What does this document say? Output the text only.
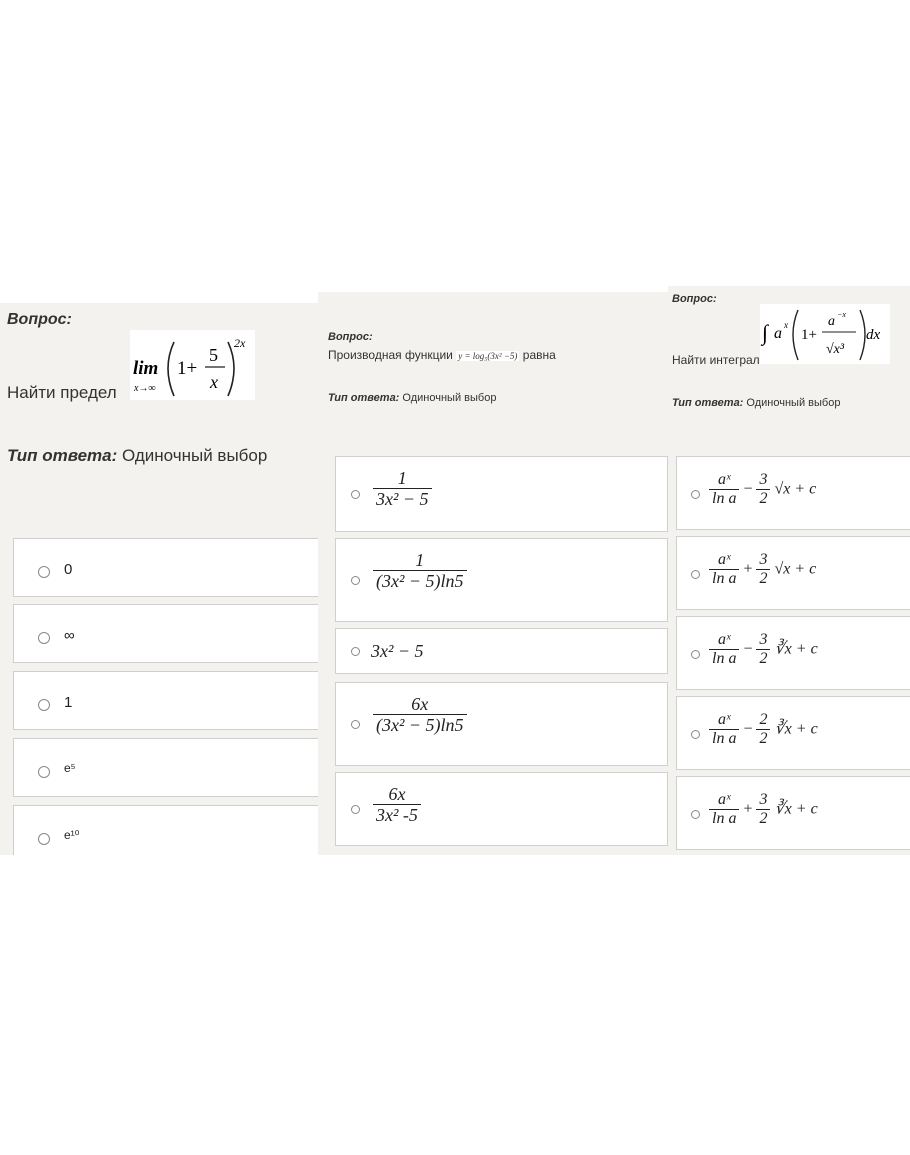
Вопрос:
Найти предел
lim
x→∞
1+
5
x
2x
Тип ответа: Одиночный выбор
0
∞
1
e⁵
e¹⁰
Вопрос:
Производная функции y = log₅(3x² −5) равна
Тип ответа: Одиночный выбор
$\frac{1}{\text{3x² − 5}}$
$\frac{1}{\text{(3x² − 5)ln5}}$
3x² − 5
$\frac{6x}{\text{(3x² − 5)ln5}}$
$\frac{6x}{\text{3x² -5}}$
Вопрос:
∫ a x
1+
a −x
√x³
dx
Найти интеграл
Тип ответа: Одиночный выбор
$\frac{\text{aˣ}}{\text{ln a}} - \frac{3}{2} √x + c$
$\frac{\text{aˣ}}{\text{ln a}} + \frac{3}{2} √x + c$
$\frac{\text{aˣ}}{\text{ln a}} - \frac{3}{2}$ ∛x + c
$\frac{\text{aˣ}}{\text{ln a}} - \frac{2}{2}$ ∛x + c
$\frac{\text{aˣ}}{\text{ln a}} + \frac{3}{2}$ ∛x + c
